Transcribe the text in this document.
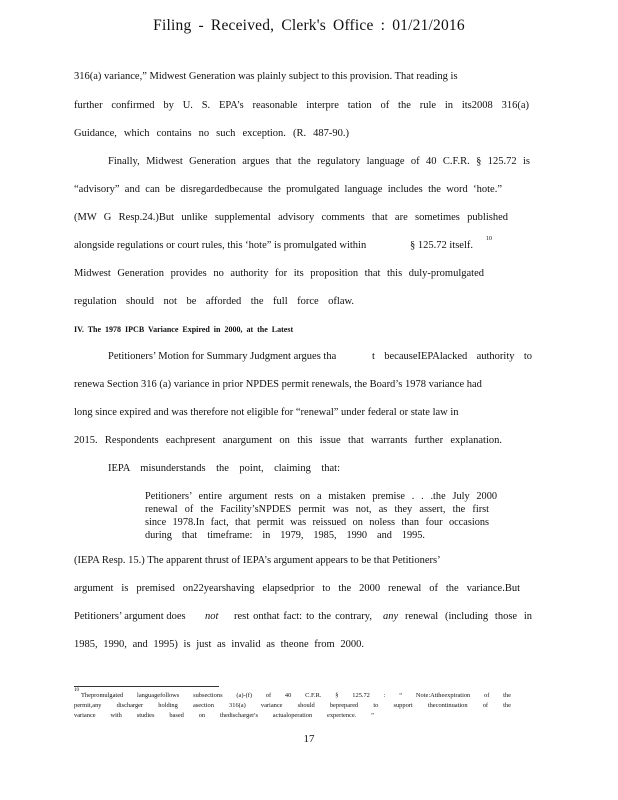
Filing - Received, Clerk's Office : 01/21/2016
316(a) variance,” Midwest Generation was plainly subject to this provision. That reading is
further confirmed by U. S. EPA’s reasonable interpre tation of the rule in its2008 316(a)
Guidance, which contains no such exception. (R. 487-90.)
Finally, Midwest Generation argues that the regulatory language of 40 C.F.R. § 125.72 is
“advisory” and can be disregardedbecause the promulgated language includes the word ‘hote.”
(MW G Resp.24.)But unlike supplemental advisory comments that are sometimes published
alongside regulations or court rules, this ‘hote” is promulgated within	§ 125.72 itself.
10
Midwest Generation provides no authority for its proposition that this duly-promulgated
regulation should not be afforded the full force oflaw.
IV. The 1978 IPCB Variance Expired in 2000, at the Latest
Petitioners’ Motion for Summary Judgment argues tha	t becauseIEPAlacked authority to
renewa Section 316 (a) variance in prior NPDES permit renewals, the Board’s 1978 variance had
long since expired and was therefore not eligible for “renewal” under federal or state law in
2015. Respondents eachpresent anargument on this issue that warrants further explanation.
IEPA misunderstands the point, claiming that:
Petitioners’ entire argument rests on a mistaken premise . . .the July 2000
renewal of the Facility’sNPDES permit was not, as they assert, the first
since 1978.In fact, that permit was reissued on noless than four occasions
during that timeframe: in 1979, 1985, 1990 and 1995.
(IEPA Resp. 15.) The apparent thrust of IEPA’s argument appears to be that Petitioners’
argument is premised on22yearshaving elapsedprior to the 2000 renewal of the variance.But
Petitioners’ argument does not rest onthat fact: to the contrary, any renewal (including those in
1985, 1990, and 1995) is just as invalid as theone from 2000.
10
Thepromulgated languagefollows subsections (a)-(f) of 40 C.F.R. § 125.72 : “ Note:Attheexpiration of the
permit,any discharger holding asection 316(a) variance should beprepared to support thecontinuation of the
variance with studies based on thedischarger's actualoperation experience. ”
17
